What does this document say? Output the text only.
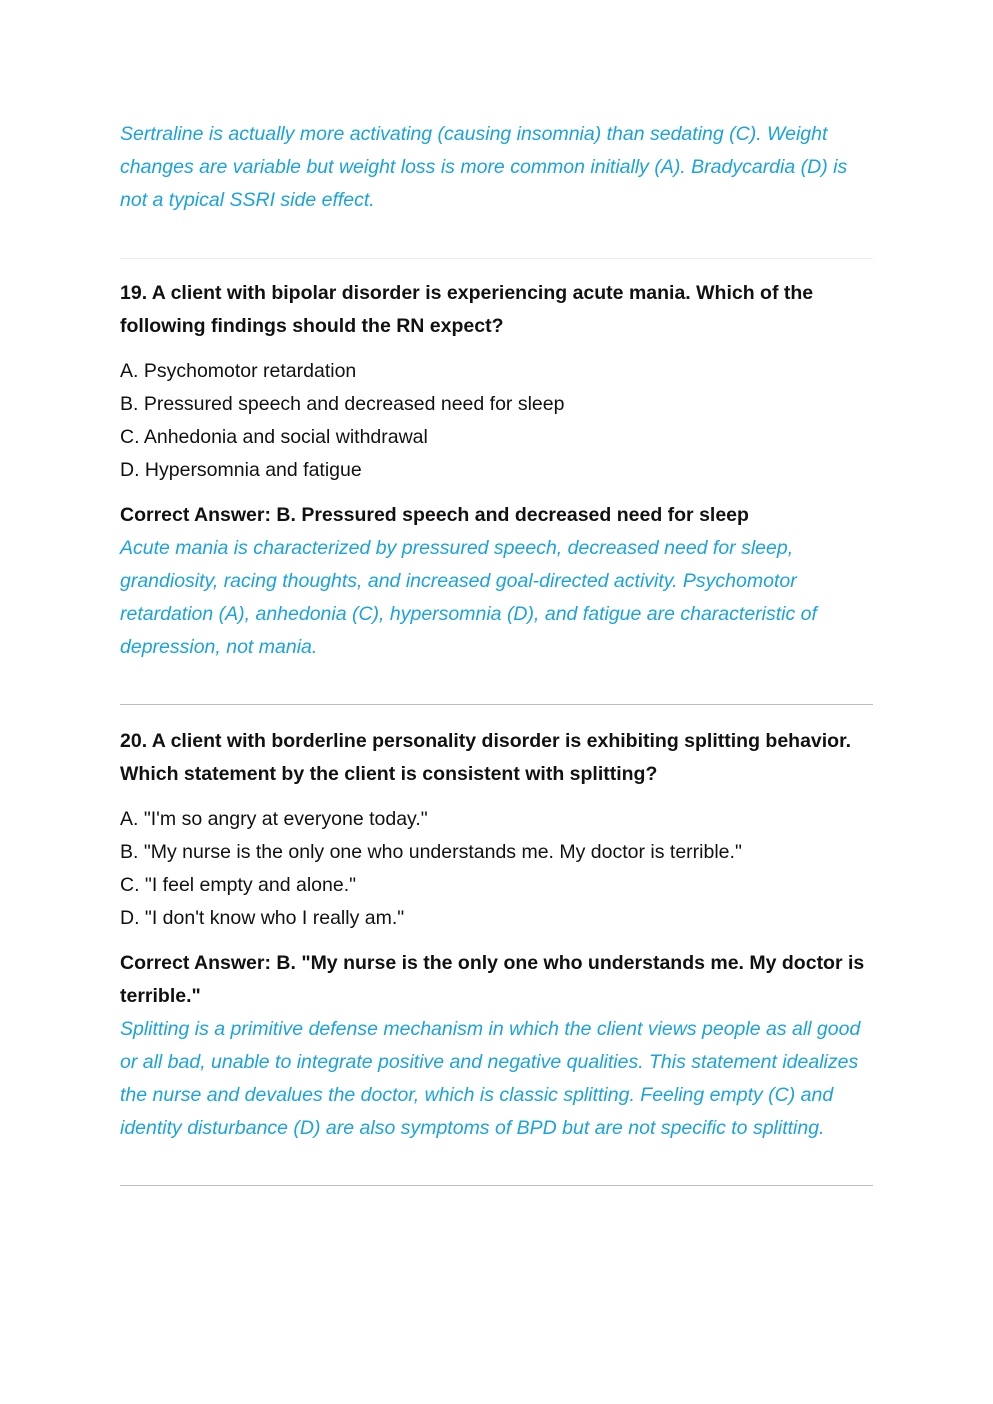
Sertraline is actually more activating (causing insomnia) than sedating (C). Weight changes are variable but weight loss is more common initially (A). Bradycardia (D) is not a typical SSRI side effect.

19. A client with bipolar disorder is experiencing acute mania. Which of the following findings should the RN expect?

A. Psychomotor retardation
B. Pressured speech and decreased need for sleep
C. Anhedonia and social withdrawal
D. Hypersomnia and fatigue

Correct Answer: B. Pressured speech and decreased need for sleep

Acute mania is characterized by pressured speech, decreased need for sleep, grandiosity, racing thoughts, and increased goal-directed activity. Psychomotor retardation (A), anhedonia (C), hypersomnia (D), and fatigue are characteristic of depression, not mania.

20. A client with borderline personality disorder is exhibiting splitting behavior. Which statement by the client is consistent with splitting?

A. "I'm so angry at everyone today."
B. "My nurse is the only one who understands me. My doctor is terrible."
C. "I feel empty and alone."
D. "I don't know who I really am."

Correct Answer: B. "My nurse is the only one who understands me. My doctor is terrible."

Splitting is a primitive defense mechanism in which the client views people as all good or all bad, unable to integrate positive and negative qualities. This statement idealizes the nurse and devalues the doctor, which is classic splitting. Feeling empty (C) and identity disturbance (D) are also symptoms of BPD but are not specific to splitting.
